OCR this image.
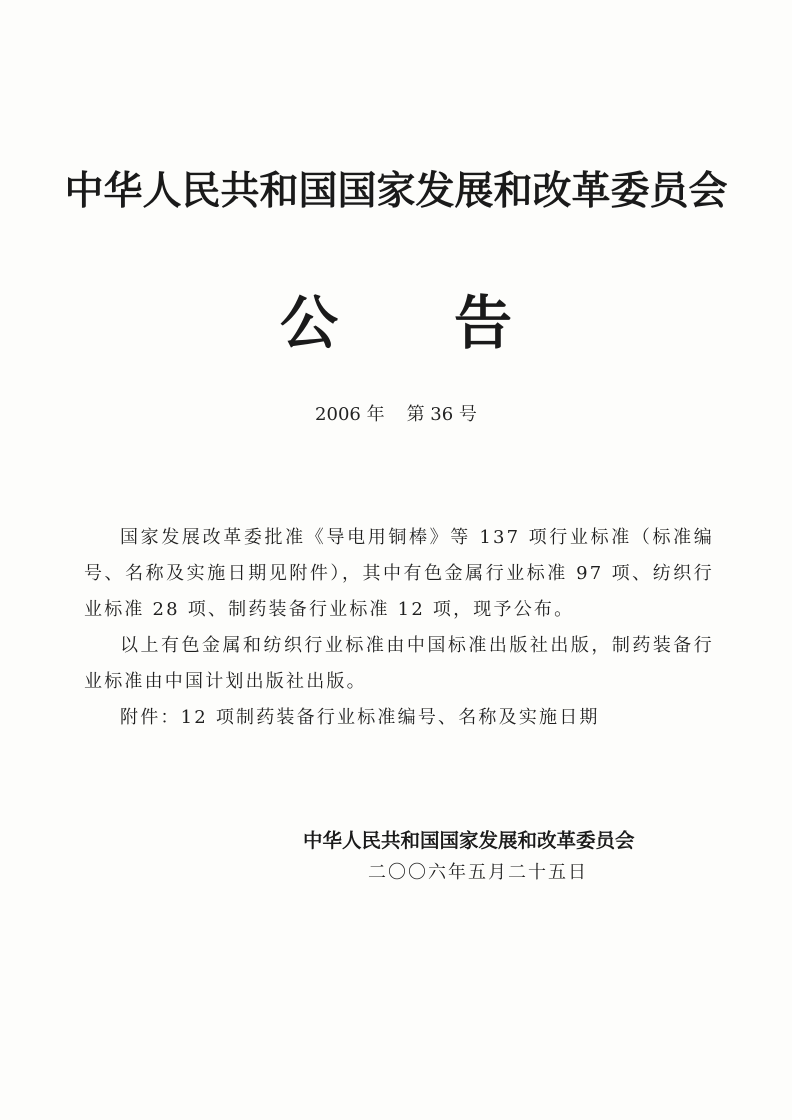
中华人民共和国国家发展和改革委员会
公 告
2006 年 第 36 号

国家发展改革委批准《导电用铜棒》等 137 项行业标准（标准编号、名称及实施日期见附件），其中有色金属行业标准 97 项、纺织行业标准 28 项、制药装备行业标准 12 项，现予公布。

以上有色金属和纺织行业标准由中国标准出版社出版，制药装备行业标准由中国计划出版社出版。

附件：12 项制药装备行业标准编号、名称及实施日期

中华人民共和国国家发展和改革委员会
二〇〇六年五月二十五日
